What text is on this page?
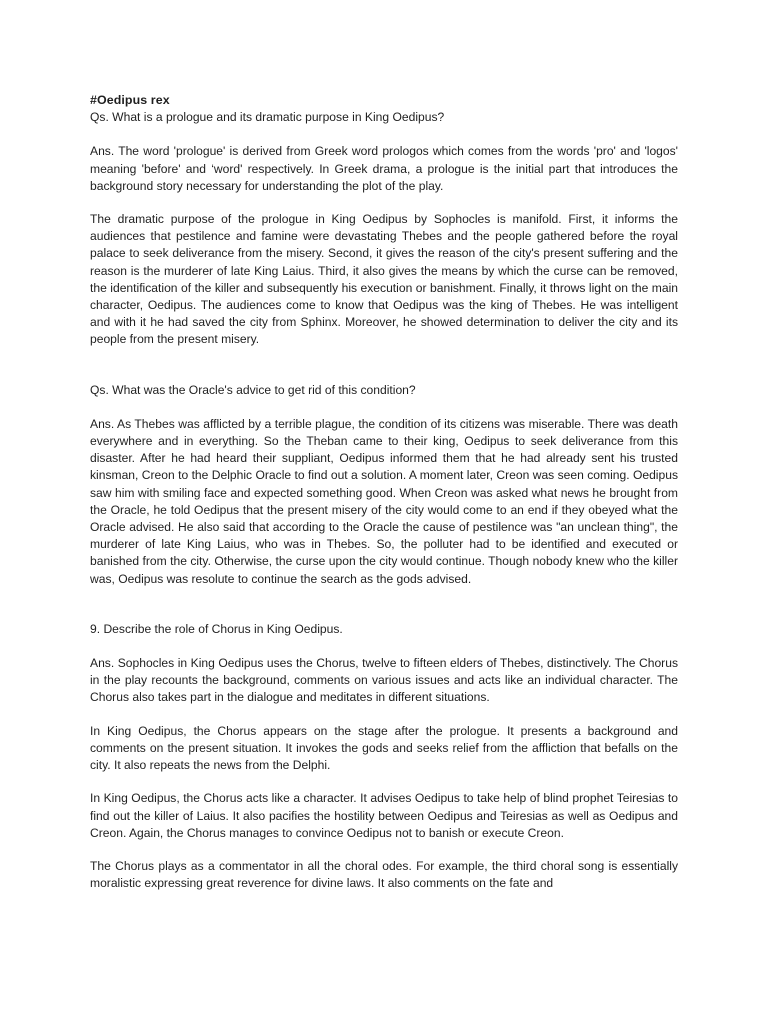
#Oedipus rex
Qs. What is a prologue and its dramatic purpose in King Oedipus?

Ans. The word 'prologue' is derived from Greek word prologos which comes from the words 'pro' and 'logos' meaning 'before' and ‘word' respectively. In Greek drama, a prologue is the initial part that introduces the background story necessary for understanding the plot of the play.

The dramatic purpose of the prologue in King Oedipus by Sophocles is manifold. First, it informs the audiences that pestilence and famine were devastating Thebes and the people gathered before the royal palace to seek deliverance from the misery. Second, it gives the reason of the city's present suffering and the reason is the murderer of late King Laius. Third, it also gives the means by which the curse can be removed, the identification of the killer and subsequently his execution or banishment. Finally, it throws light on the main character, Oedipus. The audiences come to know that Oedipus was the king of Thebes. He was intelligent and with it he had saved the city from Sphinx. Moreover, he showed determination to deliver the city and its people from the present misery.

Qs. What was the Oracle's advice to get rid of this condition?

Ans. As Thebes was afflicted by a terrible plague, the condition of its citizens was miserable. There was death everywhere and in everything. So the Theban came to their king, Oedipus to seek deliverance from this disaster. After he had heard their suppliant, Oedipus informed them that he had already sent his trusted kinsman, Creon to the Delphic Oracle to find out a solution. A moment later, Creon was seen coming. Oedipus saw him with smiling face and expected something good. When Creon was asked what news he brought from the Oracle, he told Oedipus that the present misery of the city would come to an end if they obeyed what the Oracle advised. He also said that according to the Oracle the cause of pestilence was "an unclean thing", the murderer of late King Laius, who was in Thebes. So, the polluter had to be identified and executed or banished from the city. Otherwise, the curse upon the city would continue. Though nobody knew who the killer was, Oedipus was resolute to continue the search as the gods advised.

9. Describe the role of Chorus in King Oedipus.

Ans. Sophocles in King Oedipus uses the Chorus, twelve to fifteen elders of Thebes, distinctively. The Chorus in the play recounts the background, comments on various issues and acts like an individual character. The Chorus also takes part in the dialogue and meditates in different situations.

In King Oedipus, the Chorus appears on the stage after the prologue. It presents a background and comments on the present situation. It invokes the gods and seeks relief from the affliction that befalls on the city. It also repeats the news from the Delphi.

In King Oedipus, the Chorus acts like a character. It advises Oedipus to take help of blind prophet Teiresias to find out the killer of Laius. It also pacifies the hostility between Oedipus and Teiresias as well as Oedipus and Creon. Again, the Chorus manages to convince Oedipus not to banish or execute Creon.

The Chorus plays as a commentator in all the choral odes. For example, the third choral song is essentially moralistic expressing great reverence for divine laws. It also comments on the fate and
